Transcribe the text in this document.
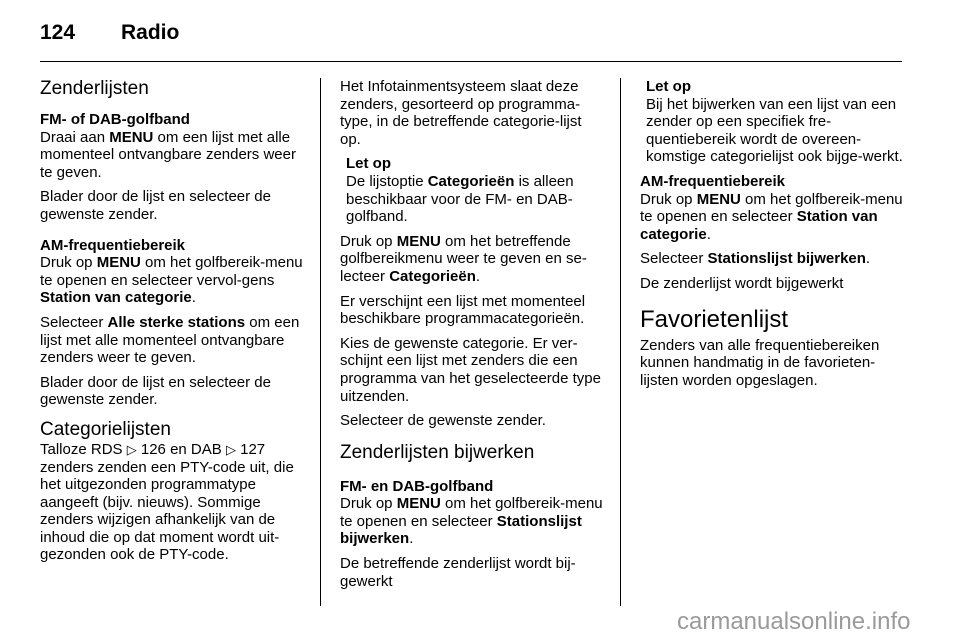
124 Radio
Zenderlijsten

FM- of DAB-golfband

Draai aan MENU om een lijst met alle momenteel ontvangbare zenders weer te geven.

Blader door de lijst en selecteer de gewenste zender.

AM-frequentiebereik

Druk op MENU om het golfbereik-menu te openen en selecteer vervol-gens Station van categorie.

Selecteer Alle sterke stations om een lijst met alle momenteel ontvangbare zenders weer te geven.

Blader door de lijst en selecteer de gewenste zender.

Categorielijsten

Talloze RDS ▷ 126 en DAB ▷ 127 zenders zenden een PTY-code uit, die het uitgezonden programmatype aangeeft (bijv. nieuws). Sommige zenders wijzigen afhankelijk van de inhoud die op dat moment wordt uit-gezonden ook de PTY-code.

Het Infotainmentsysteem slaat deze zenders, gesorteerd op programma-type, in de betreffende categorie-lijst op.

Let op
De lijstoptie Categorieën is alleen beschikbaar voor de FM- en DAB-golfband.

Druk op MENU om het betreffende golfbereikmenu weer te geven en se-lecteer Categorieën.

Er verschijnt een lijst met momenteel beschikbare programmacategorieën.

Kies de gewenste categorie. Er ver-schijnt een lijst met zenders die een programma van het geselecteerde type uitzenden.

Selecteer de gewenste zender.

Zenderlijsten bijwerken

FM- en DAB-golfband

Druk op MENU om het golfbereik-menu te openen en selecteer Stationslijst bijwerken.

De betreffende zenderlijst wordt bij-gewerkt

Let op
Bij het bijwerken van een lijst van een zender op een specifiek fre-quentiebereik wordt de overeen-komstige categorielijst ook bijge-werkt.

AM-frequentiebereik

Druk op MENU om het golfbereik-menu te openen en selecteer Station van categorie.

Selecteer Stationslijst bijwerken.

De zenderlijst wordt bijgewerkt

Favorietenlijst

Zenders van alle frequentiebereiken kunnen handmatig in de favorieten-lijsten worden opgeslagen.

carmanualsonline.info
